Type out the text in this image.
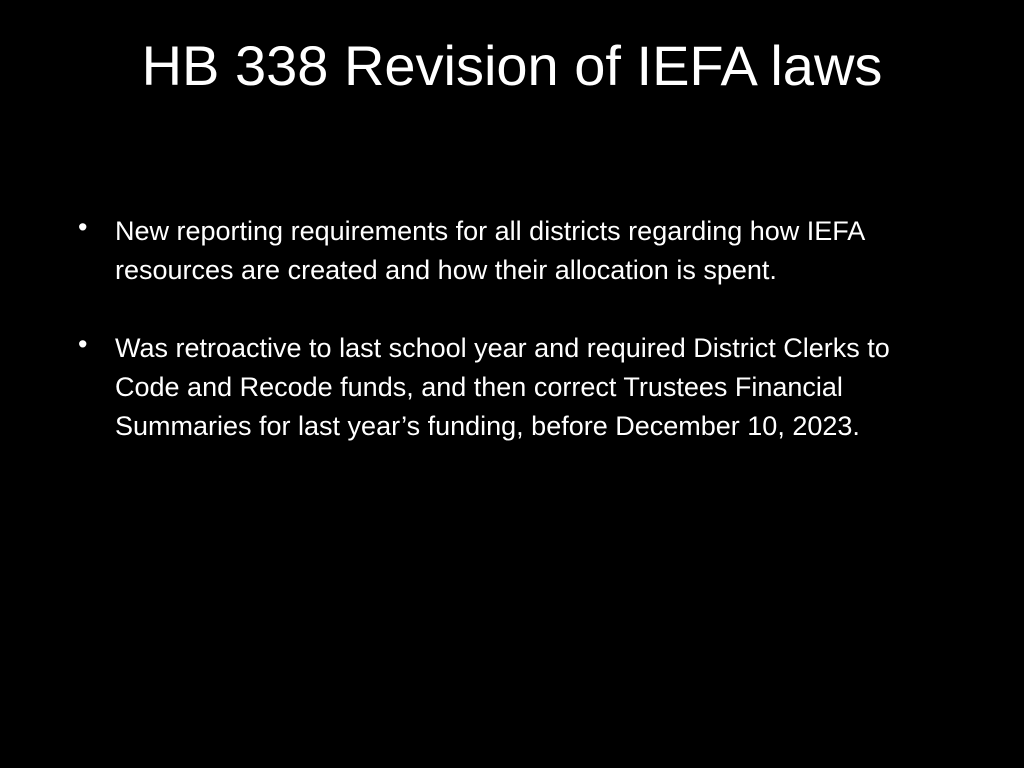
HB 338 Revision of IEFA laws
• New reporting requirements for all districts regarding how IEFA resources are created and how their allocation is spent.
• Was retroactive to last school year and required District Clerks to Code and Recode funds, and then correct Trustees Financial Summaries for last year’s funding, before December 10, 2023.
